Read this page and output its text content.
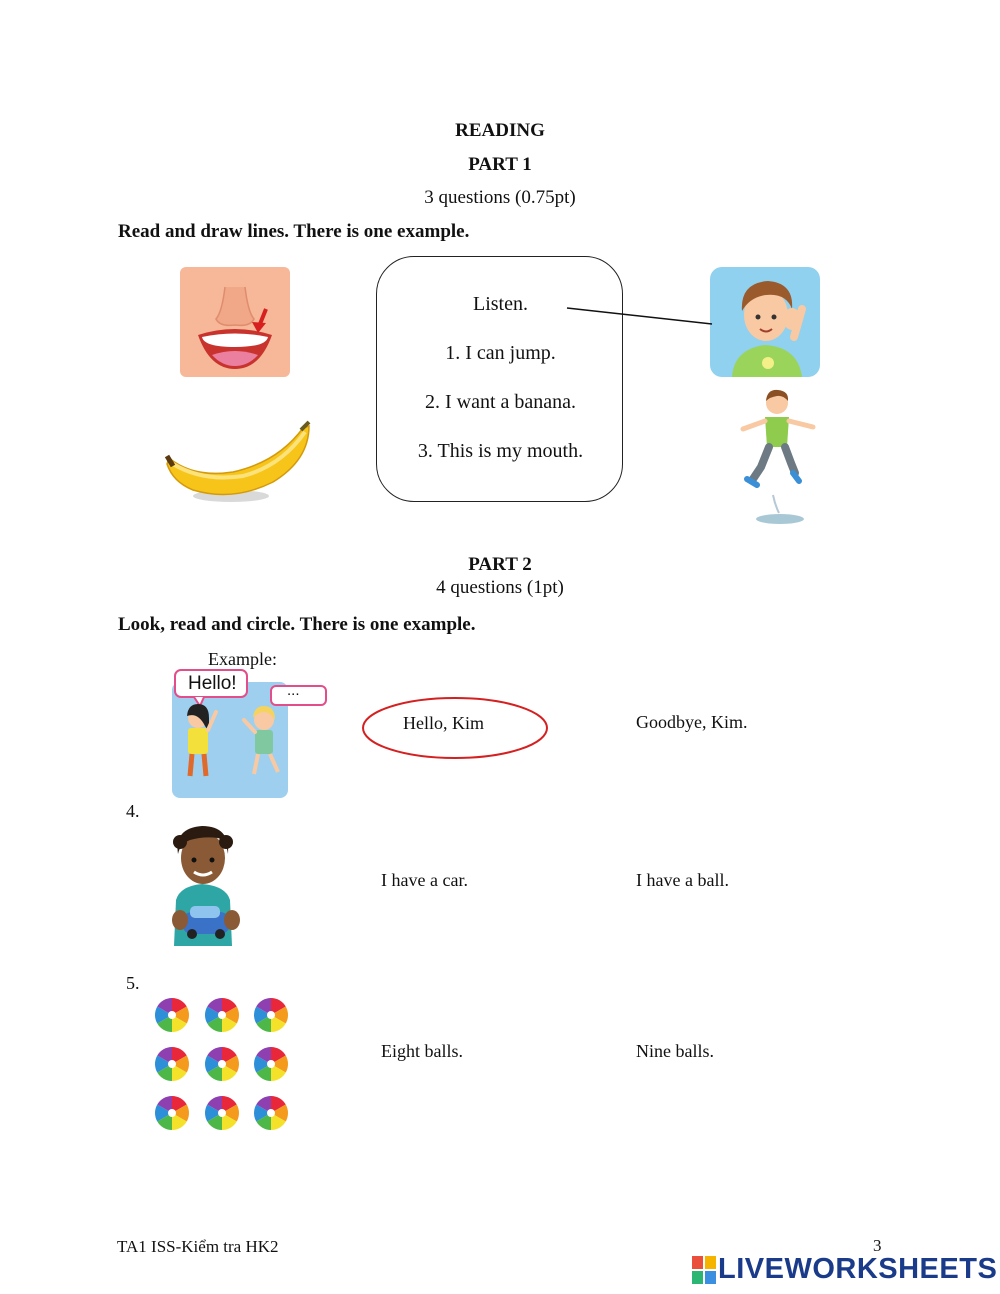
READING
PART 1
3 questions (0.75pt)
Read and draw lines. There is one example.
Listen.
1. I can jump.
2. I want a banana.
3. This is my mouth.
PART 2
4 questions (1pt)
Look, read and circle. There is one example.
Example:
Hello!	...
Hello, Kim	Goodbye, Kim.
4.
I have a car.	I have a ball.
5.
Eight balls.	Nine balls.
TA1 ISS-Kiểm tra HK2	3
LIVEWORKSHEETS
